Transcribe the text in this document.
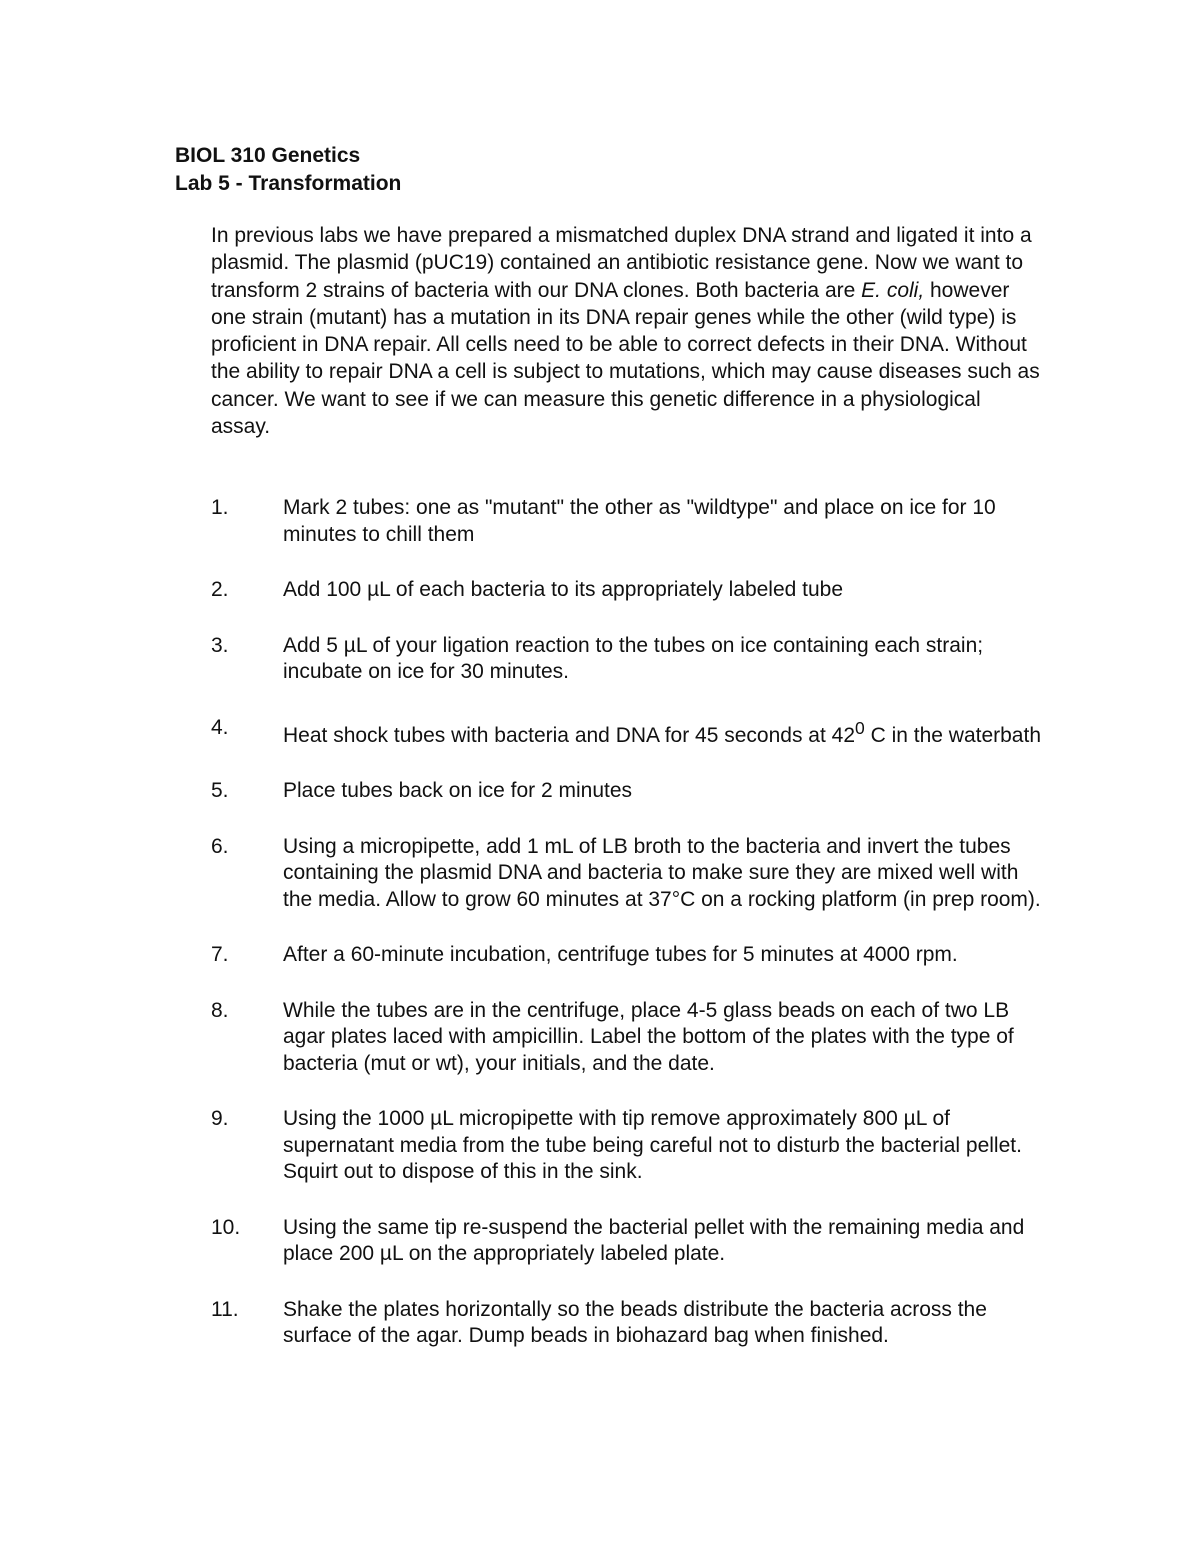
BIOL 310 Genetics
Lab 5 - Transformation

In previous labs we have prepared a mismatched duplex DNA strand and ligated it into a plasmid. The plasmid (pUC19) contained an antibiotic resistance gene. Now we want to transform 2 strains of bacteria with our DNA clones. Both bacteria are E. coli, however one strain (mutant) has a mutation in its DNA repair genes while the other (wild type) is proficient in DNA repair. All cells need to be able to correct defects in their DNA. Without the ability to repair DNA a cell is subject to mutations, which may cause diseases such as cancer. We want to see if we can measure this genetic difference in a physiological assay.

1.	Mark 2 tubes: one as "mutant" the other as "wildtype" and place on ice for 10 minutes to chill them
2.	Add 100 µL of each bacteria to its appropriately labeled tube
3.	Add 5 µL of your ligation reaction to the tubes on ice containing each strain; incubate on ice for 30 minutes.
4.	Heat shock tubes with bacteria and DNA for 45 seconds at $42^0$ C in the waterbath
5.	Place tubes back on ice for 2 minutes
6.	Using a micropipette, add 1 mL of LB broth to the bacteria and invert the tubes containing the plasmid DNA and bacteria to make sure they are mixed well with the media. Allow to grow 60 minutes at 37°C on a rocking platform (in prep room).
7.	After a 60-minute incubation, centrifuge tubes for 5 minutes at 4000 rpm.
8.	While the tubes are in the centrifuge, place 4-5 glass beads on each of two LB agar plates laced with ampicillin. Label the bottom of the plates with the type of bacteria (mut or wt), your initials, and the date.
9.	Using the 1000 µL micropipette with tip remove approximately 800 µL of supernatant media from the tube being careful not to disturb the bacterial pellet. Squirt out to dispose of this in the sink.
10. Using the same tip re-suspend the bacterial pellet with the remaining media and place 200 µL on the appropriately labeled plate.
11. Shake the plates horizontally so the beads distribute the bacteria across the surface of the agar. Dump beads in biohazard bag when finished.
